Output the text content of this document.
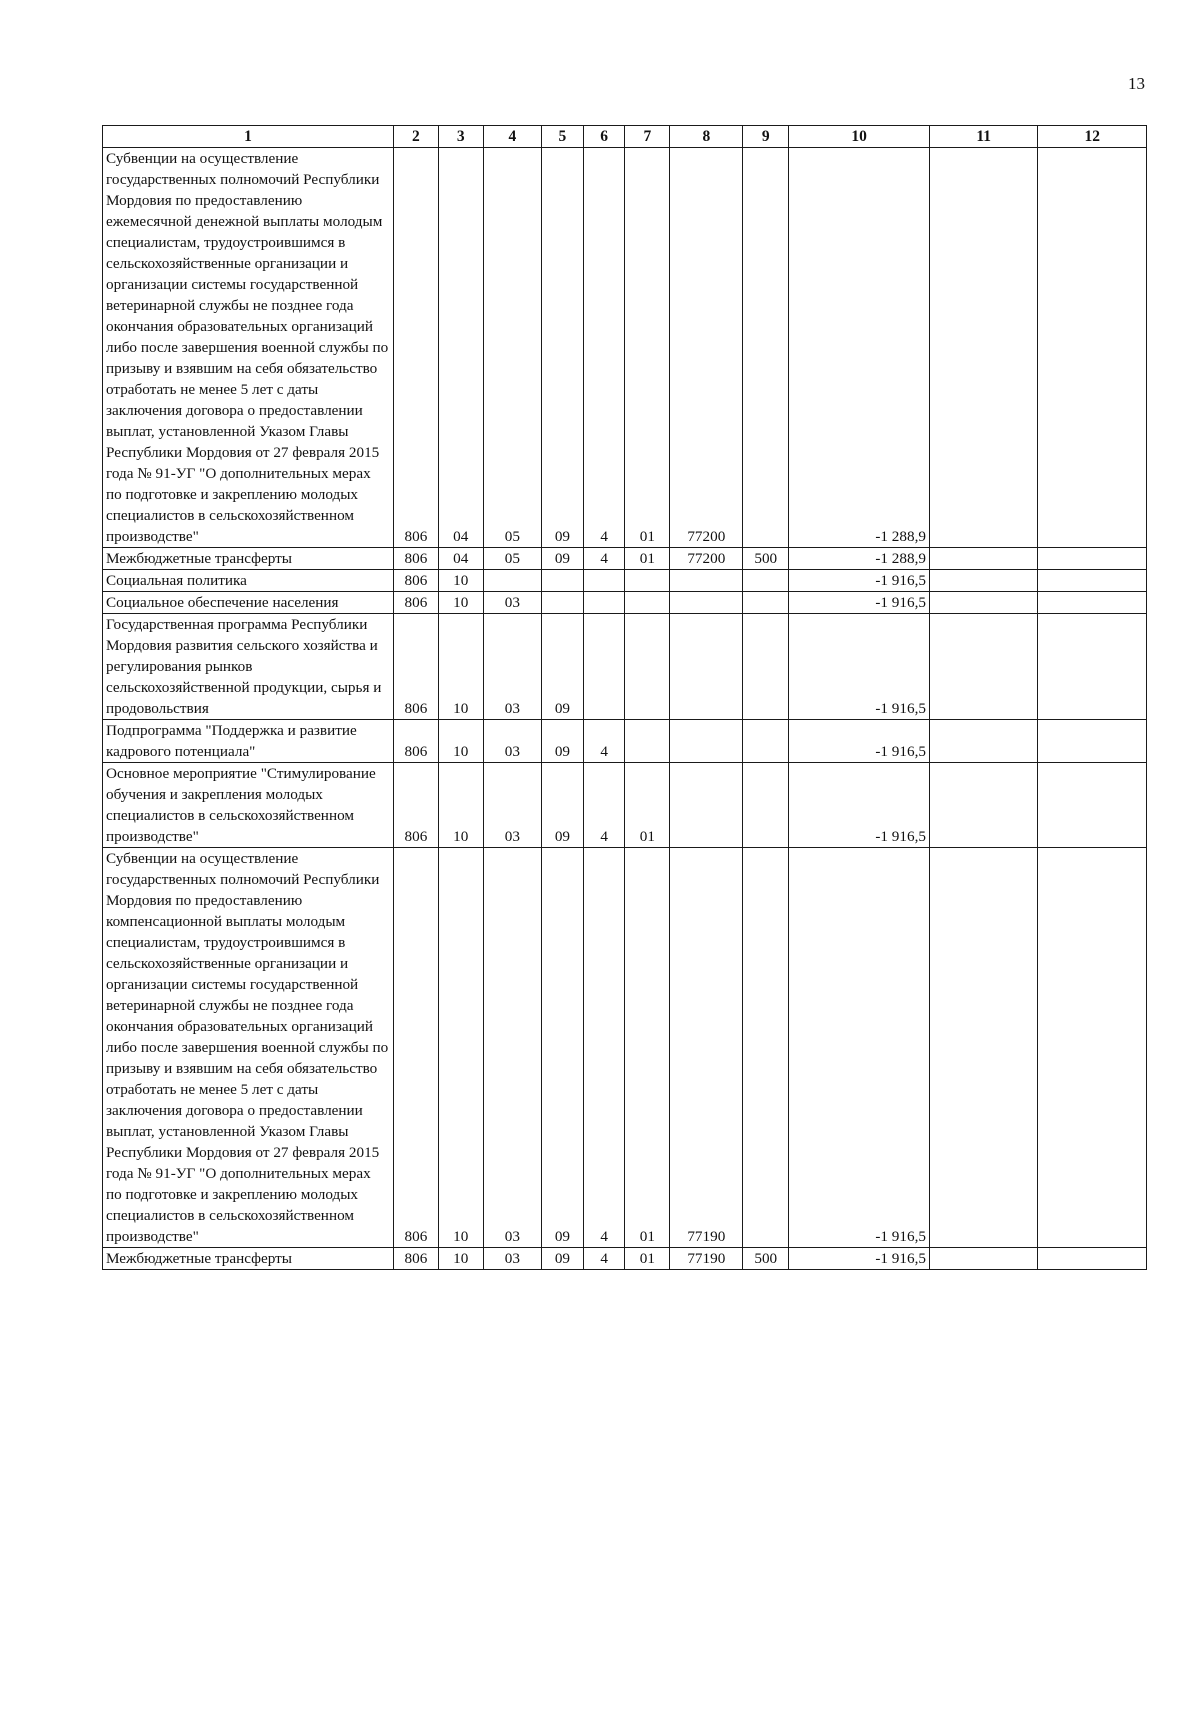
13
1	2	3	4	5	6	7	8	9	10	11	12
Субвенции на осуществление государственных полномочий Республики Мордовия по предоставлению ежемесячной денежной выплаты молодым специалистам, трудоустроившимся в сельскохозяйственные организации и организации системы государственной ветеринарной службы не позднее года окончания образовательных организаций либо после завершения военной службы по призыву и взявшим на себя обязательство отработать не менее 5 лет с даты заключения договора о предоставлении выплат, установленной Указом Главы Республики Мордовия от 27 февраля 2015 года № 91-УГ "О дополнительных мерах по подготовке и закреплению молодых специалистов в сельскохозяйственном производстве"	806	04	05	09	4	01	77200		-1 288,9		
Межбюджетные трансферты	806	04	05	09	4	01	77200	500	-1 288,9		
Социальная политика	806	10							-1 916,5		
Социальное обеспечение населения	806	10	03						-1 916,5		
Государственная программа Республики Мордовия развития сельского хозяйства и регулирования рынков сельскохозяйственной продукции, сырья и продовольствия	806	10	03	09					-1 916,5		
Подпрограмма "Поддержка и развитие кадрового потенциала"	806	10	03	09	4				-1 916,5		
Основное мероприятие "Стимулирование обучения и закрепления молодых специалистов в сельскохозяйственном производстве"	806	10	03	09	4	01			-1 916,5		
Субвенции на осуществление государственных полномочий Республики Мордовия по предоставлению компенсационной выплаты молодым специалистам, трудоустроившимся в сельскохозяйственные организации и организации системы государственной ветеринарной службы не позднее года окончания образовательных организаций либо после завершения военной службы по призыву и взявшим на себя обязательство отработать не менее 5 лет с даты заключения договора о предоставлении выплат, установленной Указом Главы Республики Мордовия от 27 февраля 2015 года № 91-УГ "О дополнительных мерах по подготовке и закреплению молодых специалистов в сельскохозяйственном производстве"	806	10	03	09	4	01	77190		-1 916,5		
Межбюджетные трансферты	806	10	03	09	4	01	77190	500	-1 916,5		
